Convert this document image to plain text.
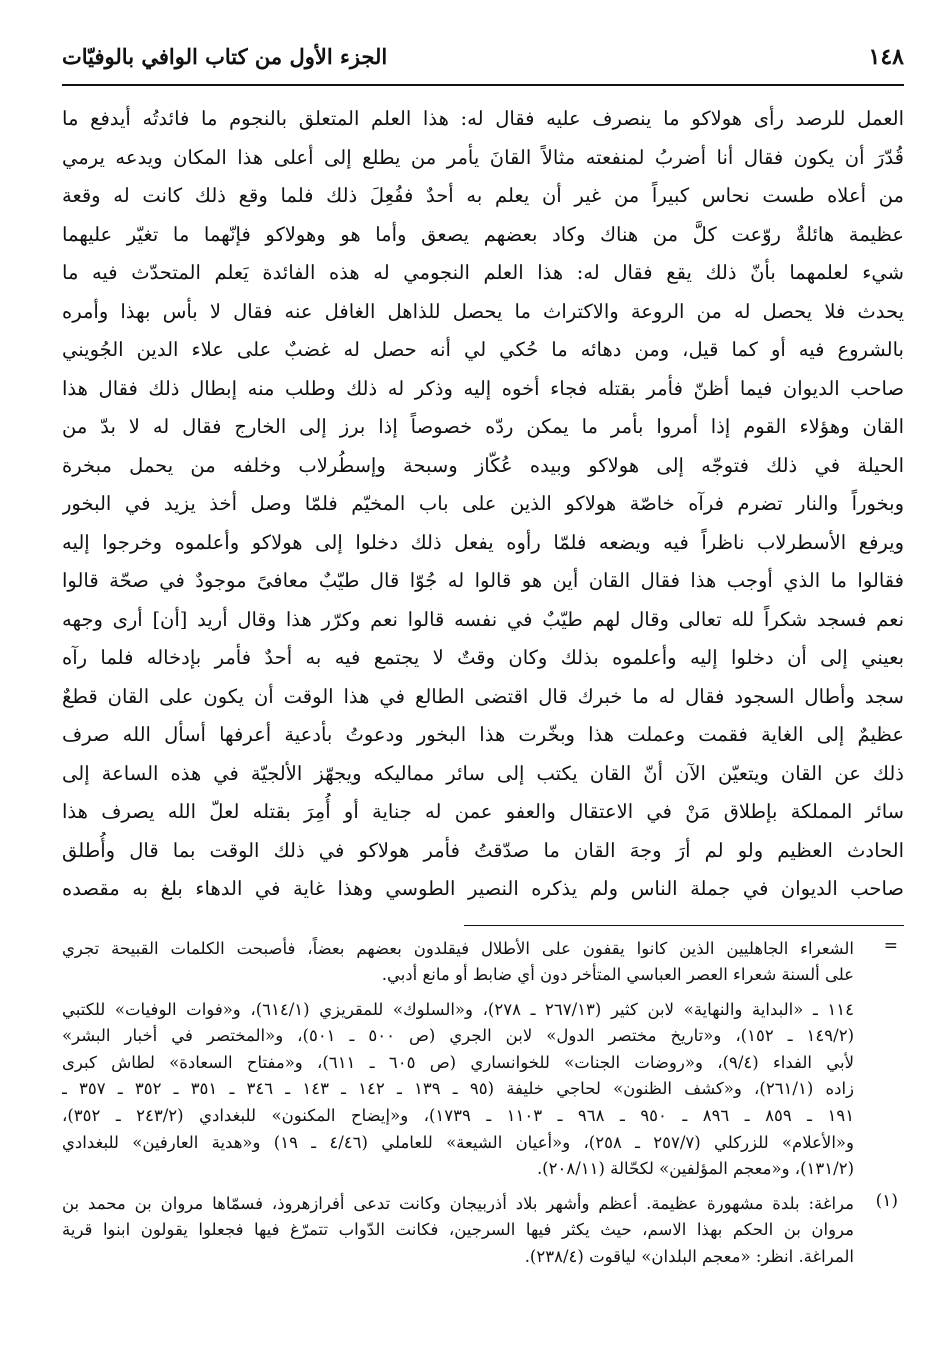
١٤٨
الجزء الأول من كتاب الوافي بالوفيّات
العمل للرصد رأى هولاكو ما ينصرف عليه فقال له: هذا العلم المتعلق بالنجوم ما فائدتُه أيدفع ما
قُدّرَ أن يكون فقال أنا أضربُ لمنفعته مثالاً القانَ يأمر من يطلع إلى أعلى هذا المكان ويدعه يرمي
من أعلاه طست نحاس كبيراً من غير أن يعلم به أحدٌ ففُعِلَ ذلك فلما وقع ذلك كانت له وقعة
عظيمة هائلةٌ روّعت كلَّ من هناك وكاد بعضهم يصعق وأما هو وهولاكو فإنّهما ما تغيّر عليهما
شيء لعلمهما بأنّ ذلك يقع فقال له: هذا العلم النجومي له هذه الفائدة يَعلم المتحدّث فيه ما
يحدث فلا يحصل له من الروعة والاكتراث ما يحصل للذاهل الغافل عنه فقال لا بأس بهذا وأمره
بالشروع فيه أو كما قيل، ومن دهائه ما حُكي لي أنه حصل له غضبٌ على علاء الدين الجُويني
صاحب الديوان فيما أظنّ فأمر بقتله فجاء أخوه إليه وذكر له ذلك وطلب منه إبطال ذلك فقال هذا
القان وهؤلاء القوم إذا أمروا بأمر ما يمكن ردّه خصوصاً إذا برز إلى الخارج فقال له لا بدّ من
الحيلة في ذلك فتوجّه إلى هولاكو وبيده عُكّاز وسبحة وإسطُرلاب وخلفه من يحمل مبخرة
وبخوراً والنار تضرم فرآه خاصّة هولاكو الذين على باب المخيّم فلمّا وصل أخذ يزيد في البخور
ويرفع الأسطرلاب ناظراً فيه ويضعه فلمّا رأوه يفعل ذلك دخلوا إلى هولاكو وأعلموه وخرجوا إليه
فقالوا ما الذي أوجب هذا فقال القان أين هو قالوا له جُوّا قال طيّبٌ معافىً موجودٌ في صحّة قالوا
نعم فسجد شكراً لله تعالى وقال لهم طيّبٌ في نفسه قالوا نعم وكرّر هذا وقال أريد [أن] أرى وجهه
بعيني إلى أن دخلوا إليه وأعلموه بذلك وكان وقتٌ لا يجتمع فيه به أحدٌ فأمر بإدخاله فلما رآه
سجد وأطال السجود فقال له ما خبرك قال اقتضى الطالع في هذا الوقت أن يكون على القان قطعٌ
عظيمٌ إلى الغاية فقمت وعملت هذا وبخّرت هذا البخور ودعوتُ بأدعية أعرفها أسأل الله صرف
ذلك عن القان ويتعيّن الآن أنّ القان يكتب إلى سائر مماليكه ويجهّز الألجيّة في هذه الساعة إلى
سائر المملكة بإطلاق مَنْ في الاعتقال والعفو عمن له جناية أو أُمِرَ بقتله لعلّ الله يصرف هذا
الحادث العظيم ولو لم أرَ وجهَ القان ما صدّقتُ فأمر هولاكو في ذلك الوقت بما قال وأُطلق
صاحب الديوان في جملة الناس ولم يذكره النصير الطوسي وهذا غاية في الدهاء بلغ به مقصده
=
الشعراء الجاهليين الذين كانوا يقفون على الأطلال فيقلدون بعضهم بعضاً، فأصبحت الكلمات القبيحة تجري
على ألسنة شعراء العصر العباسي المتأخر دون أي ضابط أو مانع أدبي.
١١٤ ـ «البداية والنهاية» لابن كثير (٢٦٧/١٣ ـ ٢٧٨)، و«السلوك» للمقريزي (٦١٤/١)، و«فوات الوفيات» للكتبي
(١٤٩/٢ ـ ١٥٢)، و«تاريخ مختصر الدول» لابن الجري (ص ٥٠٠ ـ ٥٠١)، و«المختصر في أخبار البشر»
لأبي الفداء (٩/٤)، و«روضات الجنات» للخوانساري (ص ٦٠٥ ـ ٦١١)، و«مفتاح السعادة» لطاش كبرى
زاده (٢٦١/١)، و«كشف الظنون» لحاجي خليفة (٩٥ ـ ١٣٩ ـ ١٤٢ ـ ١٤٣ ـ ٣٤٦ ـ ٣٥١ ـ ٣٥٢ ـ ٣٥٧ ـ
١٩١ ـ ٨٥٩ ـ ٨٩٦ ـ ٩٥٠ ـ ٩٦٨ ـ ١١٠٣ ـ ١٧٣٩)، و«إيضاح المكنون» للبغدادي (٢٤٣/٢ ـ ٣٥٢)،
و«الأعلام» للزركلي (٢٥٧/٧ ـ ٢٥٨)، و«أعيان الشيعة» للعاملي (٤/٤٦ ـ ١٩) و«هدية العارفين» للبغدادي
(١٣١/٢)، و«معجم المؤلفين» لكحّالة (٢٠٨/١١).
(١)
مراغة: بلدة مشهورة عظيمة. أعظم وأشهر بلاد أذربيجان وكانت تدعى أفرازهروذ، فسمّاها مروان بن محمد بن
مروان بن الحكم بهذا الاسم، حيث يكثر فيها السرجين، فكانت الدّواب تتمرّغ فيها فجعلوا يقولون ابنوا قرية
المراغة. انظر: «معجم البلدان» لياقوت (٢٣٨/٤).
